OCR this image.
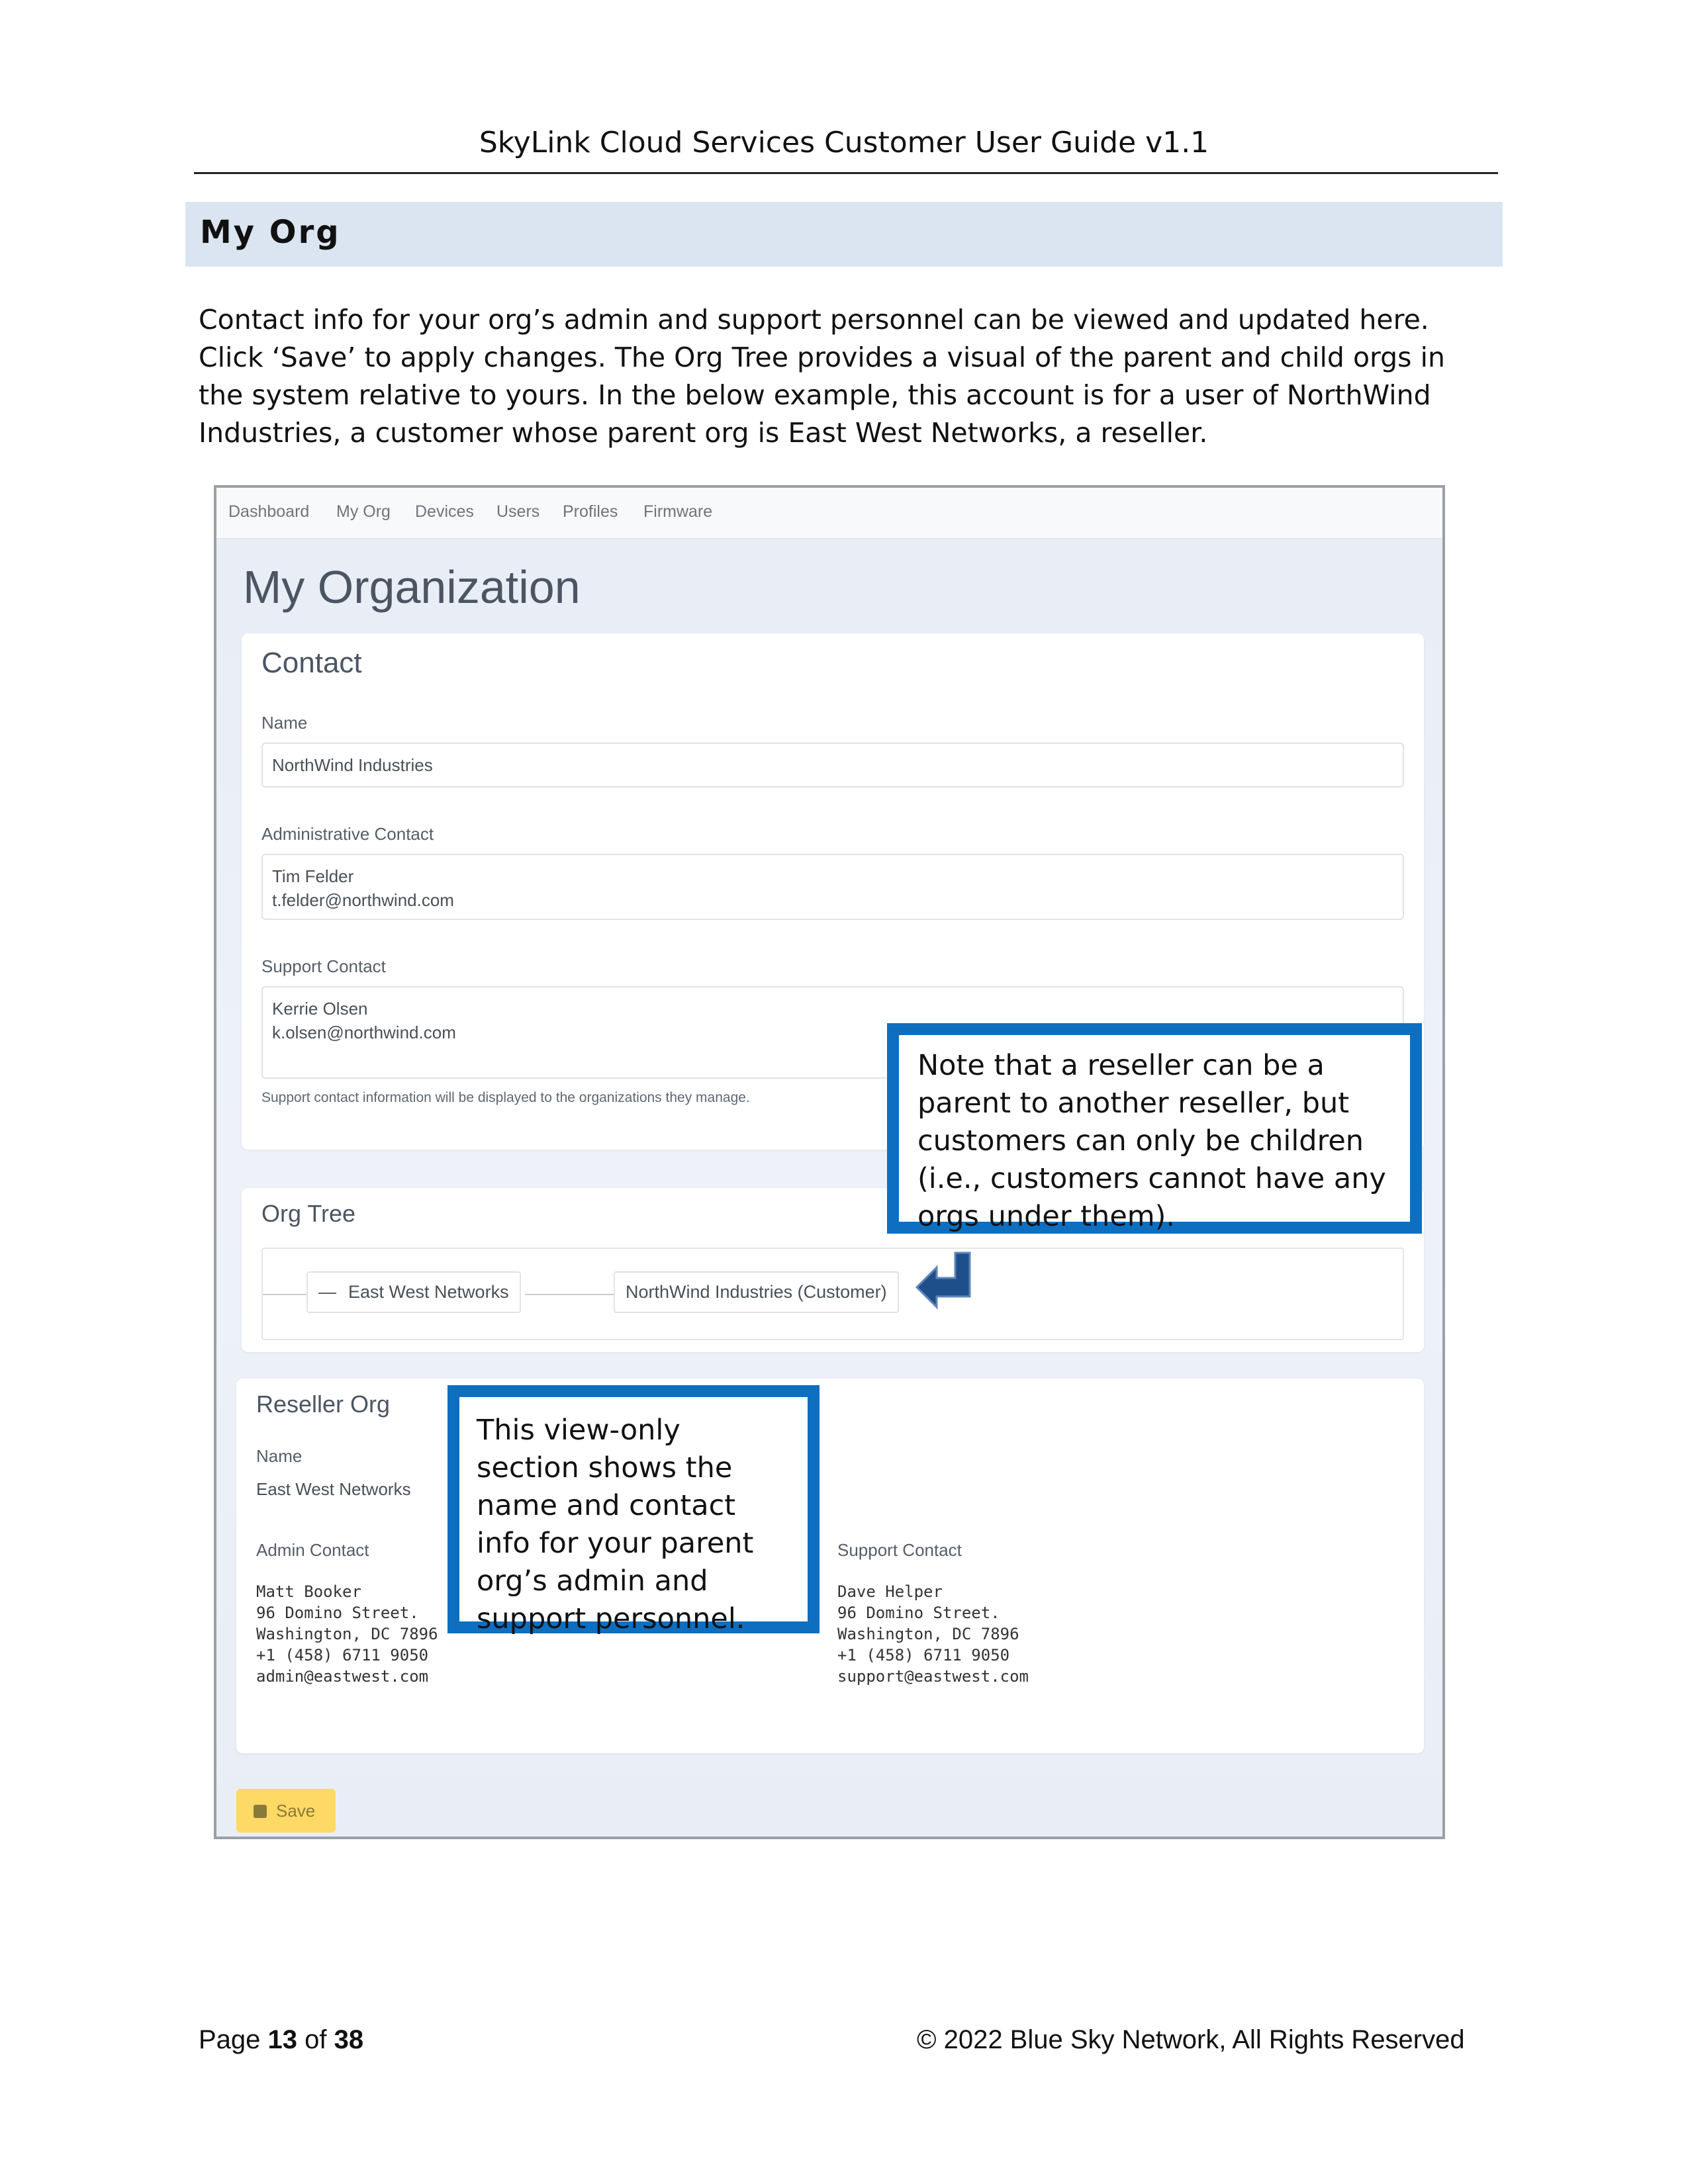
SkyLink Cloud Services Customer User Guide v1.1
My Org
Contact info for your org’s admin and support personnel can be viewed and updated here. Click ‘Save’ to apply changes. The Org Tree provides a visual of the parent and child orgs in the system relative to yours. In the below example, this account is for a user of NorthWind Industries, a customer whose parent org is East West Networks, a reseller.
Dashboard My Org Devices Users Profiles Firmware
My Organization
Contact
Name
NorthWind Industries
Administrative Contact
Tim Felder
t.felder@northwind.com
Support Contact
Kerrie Olsen
k.olsen@northwind.com
Support contact information will be displayed to the organizations they manage.
Org Tree
— East West Networks	NorthWind Industries (Customer)
Reseller Org
Name
East West Networks
Admin Contact
Matt Booker
96 Domino Street.
Washington, DC 7896
+1 (458) 6711 9050
admin@eastwest.com
Support Contact
Dave Helper
96 Domino Street.
Washington, DC 7896
+1 (458) 6711 9050
support@eastwest.com
Save
Note that a reseller can be a parent to another reseller, but customers can only be children (i.e., customers cannot have any orgs under them).
This view-only section shows the name and contact info for your parent org’s admin and support personnel.
Page 13 of 38	© 2022 Blue Sky Network, All Rights Reserved
